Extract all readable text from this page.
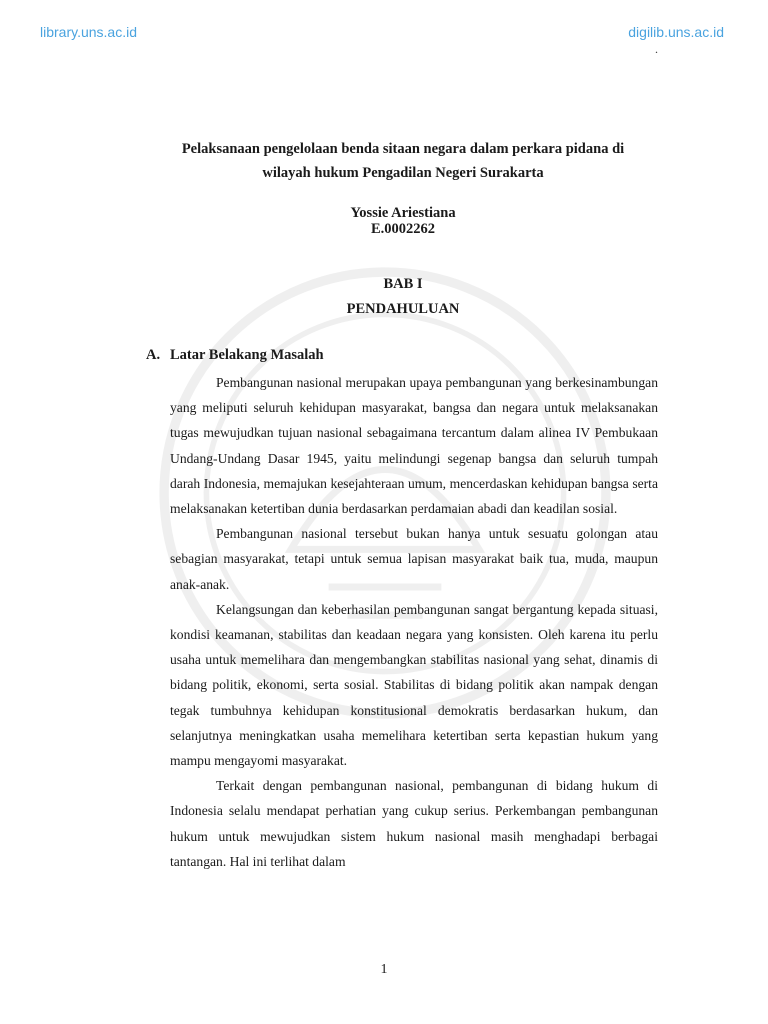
library.uns.ac.id	digilib.uns.ac.id
.
Pelaksanaan pengelolaan benda sitaan negara dalam perkara pidana di
wilayah hukum Pengadilan Negeri Surakarta
Yossie Ariestiana
E.0002262
BAB I
PENDAHULUAN
A. Latar Belakang Masalah

Pembangunan nasional merupakan upaya pembangunan yang berkesinambungan yang meliputi seluruh kehidupan masyarakat, bangsa dan negara untuk melaksanakan tugas mewujudkan tujuan nasional sebagaimana tercantum dalam alinea IV Pembukaan Undang-Undang Dasar 1945, yaitu melindungi segenap bangsa dan seluruh tumpah darah Indonesia, memajukan kesejahteraan umum, mencerdaskan kehidupan bangsa serta melaksanakan ketertiban dunia berdasarkan perdamaian abadi dan keadilan sosial.

Pembangunan nasional tersebut bukan hanya untuk sesuatu golongan atau sebagian masyarakat, tetapi untuk semua lapisan masyarakat baik tua, muda, maupun anak-anak.

Kelangsungan dan keberhasilan pembangunan sangat bergantung kepada situasi, kondisi keamanan, stabilitas dan keadaan negara yang konsisten. Oleh karena itu perlu usaha untuk memelihara dan mengembangkan stabilitas nasional yang sehat, dinamis di bidang politik, ekonomi, serta sosial. Stabilitas di bidang politik akan nampak dengan tegak tumbuhnya kehidupan konstitusional demokratis berdasarkan hukum, dan selanjutnya meningkatkan usaha memelihara ketertiban serta kepastian hukum yang mampu mengayomi masyarakat.

Terkait dengan pembangunan nasional, pembangunan di bidang hukum di Indonesia selalu mendapat perhatian yang cukup serius. Perkembangan pembangunan hukum untuk mewujudkan sistem hukum nasional masih menghadapi berbagai tantangan. Hal ini terlihat dalam

1
